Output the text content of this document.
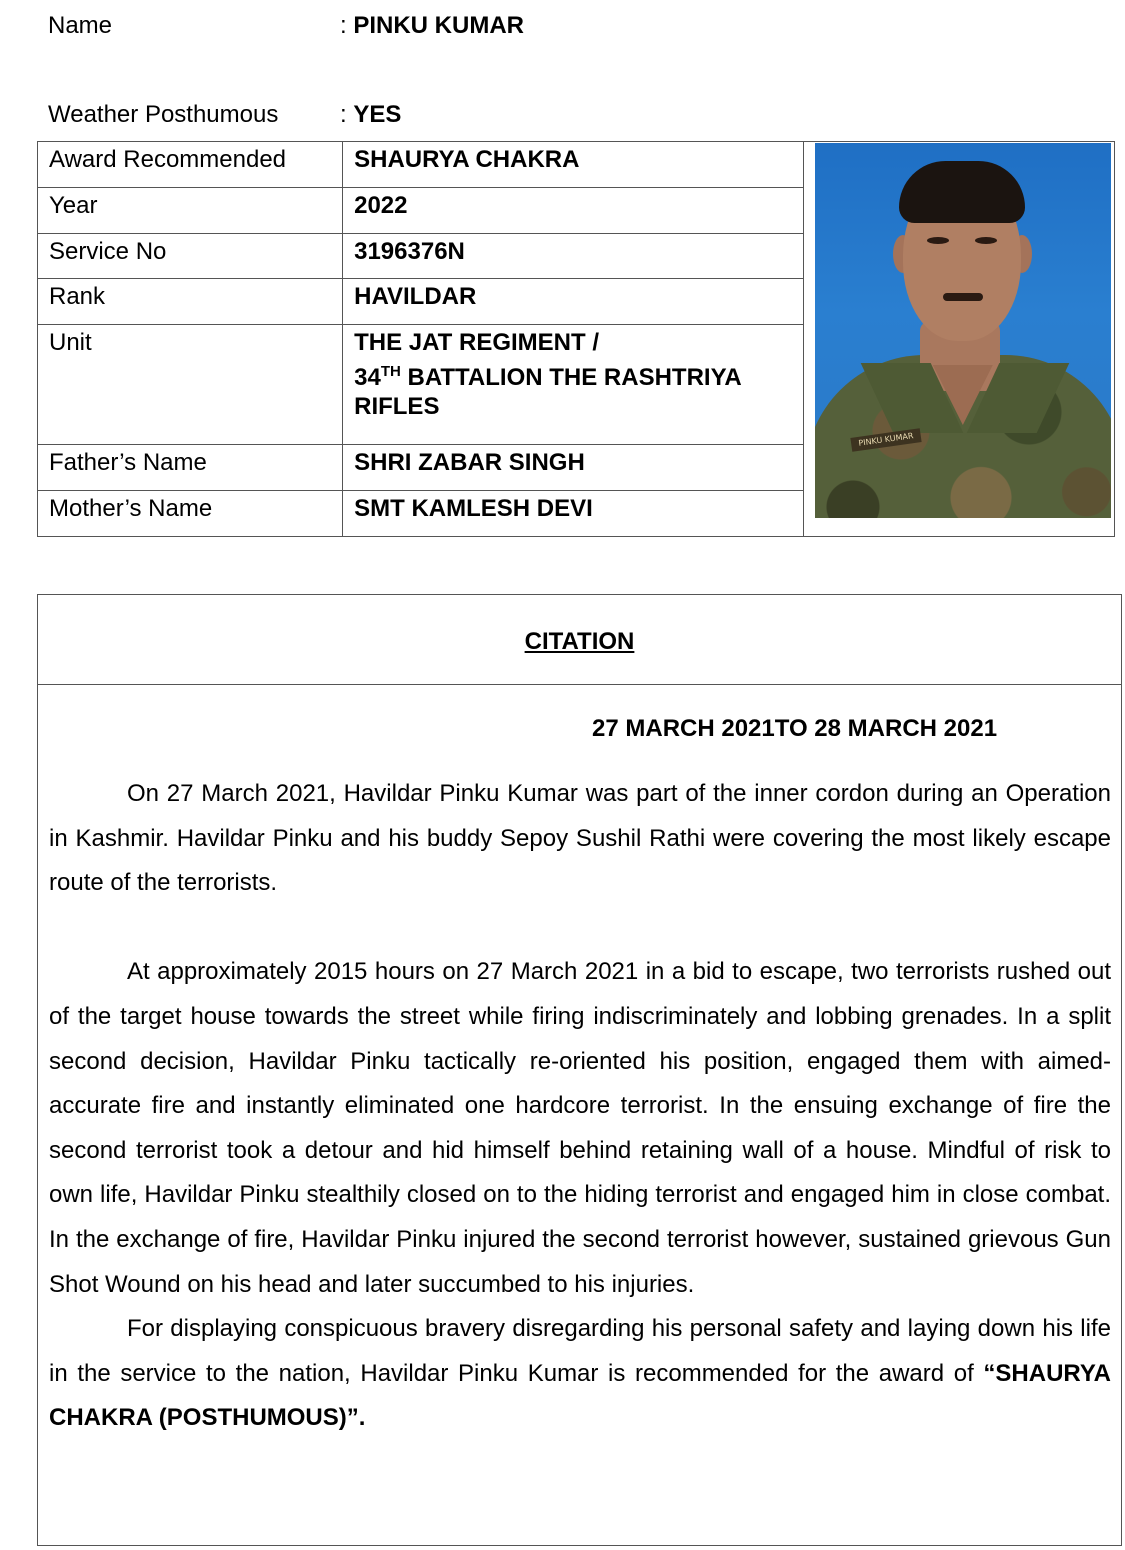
Name	: PINKU KUMAR
Weather Posthumous	: YES
Award Recommended	SHAURYA CHAKRA	PINKU KUMAR

Year	2022	

Service No	3196376N	

Rank	HAVILDAR	

Unit	THE JAT REGIMENT /
34TH BATTALION THE RASHTRIYA
RIFLES	

Father’s Name	SHRI ZABAR SINGH	

Mother’s Name	SMT KAMLESH DEVI	
CITATION
27 MARCH 2021TO 28 MARCH 2021

On 27 March 2021, Havildar Pinku Kumar was part of the inner cordon during an Operation in Kashmir. Havildar Pinku and his buddy Sepoy Sushil Rathi were covering the most likely escape route of the terrorists.

At approximately 2015 hours on 27 March 2021 in a bid to escape, two terrorists rushed out of the target house towards the street while firing indiscriminately and lobbing grenades. In a split second decision, Havildar Pinku tactically re-oriented his position, engaged them with aimed-accurate fire and instantly eliminated one hardcore terrorist. In the ensuing exchange of fire the second terrorist took a detour and hid himself behind retaining wall of a house. Mindful of risk to own life, Havildar Pinku stealthily closed on to the hiding terrorist and engaged him in close combat. In the exchange of fire, Havildar Pinku injured the second terrorist however, sustained grievous Gun Shot Wound on his head and later succumbed to his injuries.

For displaying conspicuous bravery disregarding his personal safety and laying down his life in the service to the nation, Havildar Pinku Kumar is recommended for the award of “SHAURYA CHAKRA (POSTHUMOUS)”.
